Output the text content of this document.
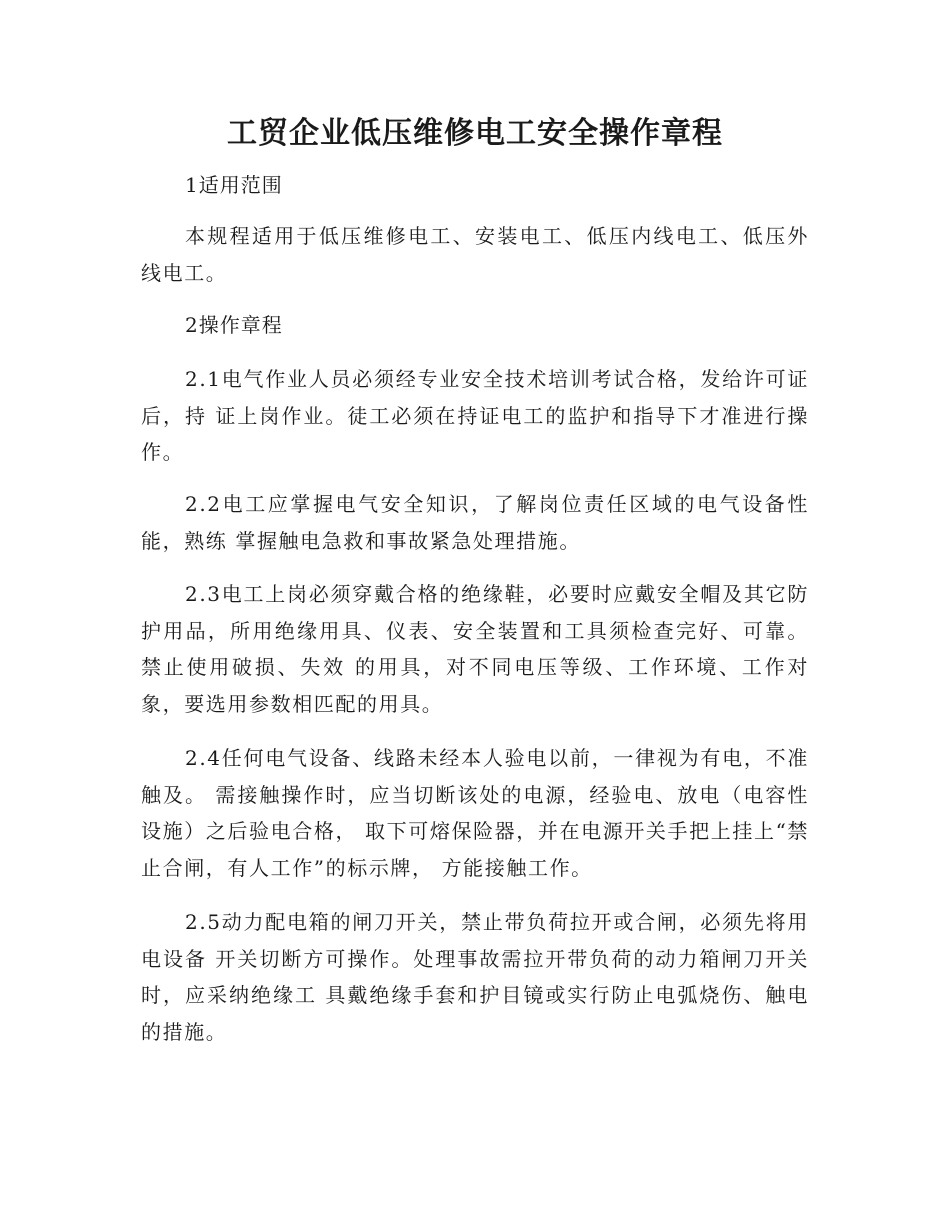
工贸企业低压维修电工安全操作章程

1适用范围

本规程适用于低压维修电工、安装电工、低压内线电工、低压外线电工。

2操作章程

2.1电气作业人员必须经专业安全技术培训考试合格，发给许可证后，持 证上岗作业。徒工必须在持证电工的监护和指导下才准进行操作。

2.2电工应掌握电气安全知识，了解岗位责任区域的电气设备性能，熟练 掌握触电急救和事故紧急处理措施。

2.3电工上岗必须穿戴合格的绝缘鞋，必要时应戴安全帽及其它防护用品，所用绝缘用具、仪表、安全装置和工具须检查完好、可靠。禁止使用破损、失效 的用具，对不同电压等级、工作环境、工作对象，要选用参数相匹配的用具。

2.4任何电气设备、线路未经本人验电以前，一律视为有电，不准触及。 需接触操作时，应当切断该处的电源，经验电、放电（电容性设施）之后验电合格， 取下可熔保险器，并在电源开关手把上挂上“禁止合闸，有人工作”的标示牌， 方能接触工作。

2.5动力配电箱的闸刀开关，禁止带负荷拉开或合闸，必须先将用电设备 开关切断方可操作。处理事故需拉开带负荷的动力箱闸刀开关时，应采纳绝缘工 具戴绝缘手套和护目镜或实行防止电弧烧伤、触电的措施。
